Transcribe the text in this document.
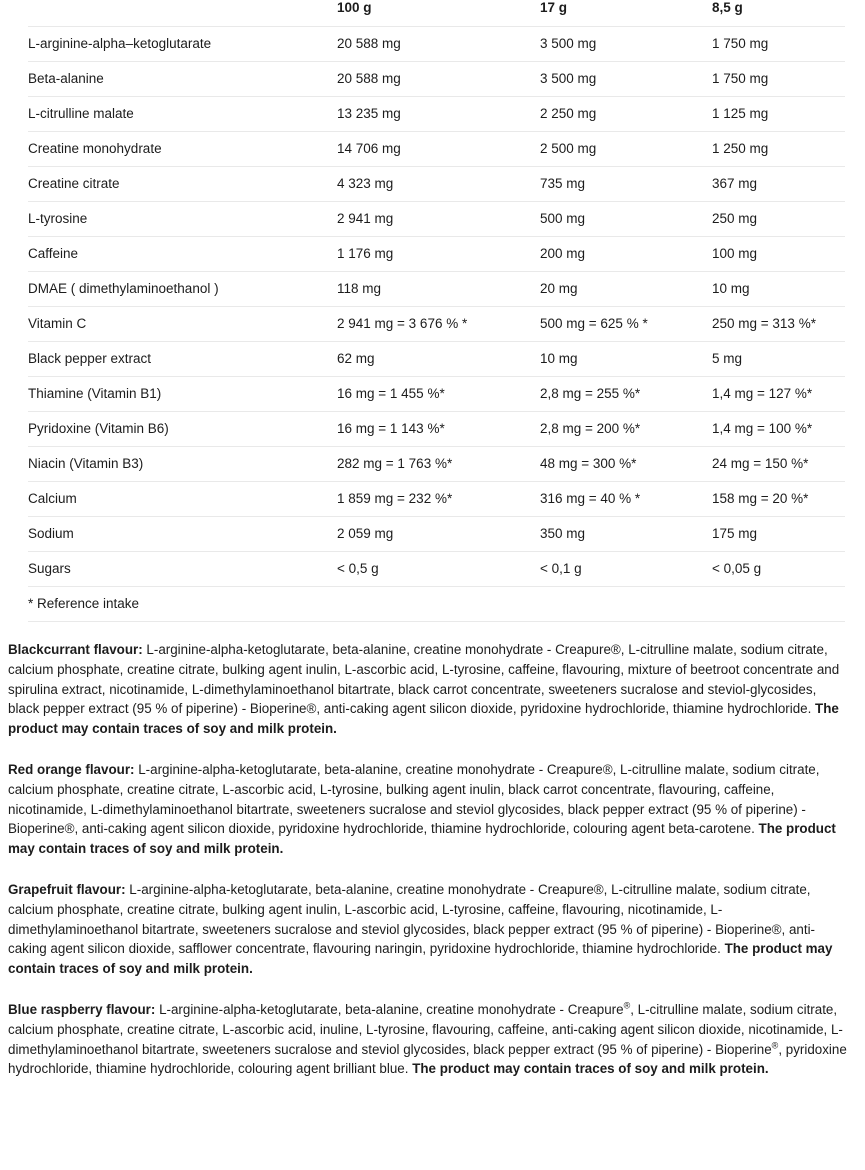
	100 g	17 g	8,5 g
L-arginine-alpha–ketoglutarate	20 588 mg	3 500 mg	1 750 mg
Beta-alanine	20 588 mg	3 500 mg	1 750 mg
L-citrulline malate	13 235 mg	2 250 mg	1 125 mg
Creatine monohydrate	14 706 mg	2 500 mg	1 250 mg
Creatine citrate	4 323 mg	735 mg	367 mg
L-tyrosine	2 941 mg	500 mg	250 mg
Caffeine	1 176 mg	200 mg	100 mg
DMAE ( dimethylaminoethanol )	118 mg	20 mg	10 mg
Vitamin C	2 941 mg = 3 676 % *	500 mg = 625 % *	250 mg = 313 %*
Black pepper extract	62 mg	10 mg	5 mg
Thiamine (Vitamin B1)	16 mg = 1 455 %*	2,8 mg = 255 %*	1,4 mg = 127 %*
Pyridoxine (Vitamin B6)	16 mg = 1 143 %*	2,8 mg = 200 %*	1,4 mg = 100 %*
Niacin (Vitamin B3)	282 mg = 1 763 %*	48 mg = 300 %*	24 mg = 150 %*
Calcium	1 859 mg = 232 %*	316 mg = 40 % *	158 mg = 20 %*
Sodium	2 059 mg	350 mg	175 mg
Sugars	< 0,5 g	< 0,1 g	< 0,05 g
* Reference intake			

Blackcurrant flavour: L-arginine-alpha-ketoglutarate, beta-alanine, creatine monohydrate - Creapure®, L-citrulline malate, sodium citrate, calcium phosphate, creatine citrate, bulking agent inulin, L-ascorbic acid, L-tyrosine, caffeine, flavouring, mixture of beetroot concentrate and spirulina extract, nicotinamide, L-dimethylaminoethanol bitartrate, black carrot concentrate, sweeteners sucralose and steviol-glycosides, black pepper extract (95 % of piperine) - Bioperine®, anti-caking agent silicon dioxide, pyridoxine hydrochloride, thiamine hydrochloride. The product may contain traces of soy and milk protein.

Red orange flavour: L-arginine-alpha-ketoglutarate, beta-alanine, creatine monohydrate - Creapure®, L-citrulline malate, sodium citrate, calcium phosphate, creatine citrate, L-ascorbic acid, L-tyrosine, bulking agent inulin, black carrot concentrate, flavouring, caffeine, nicotinamide, L-dimethylaminoethanol bitartrate, sweeteners sucralose and steviol glycosides, black pepper extract (95 % of piperine) - Bioperine®, anti-caking agent silicon dioxide, pyridoxine hydrochloride, thiamine hydrochloride, colouring agent beta-carotene. The product may contain traces of soy and milk protein.

Grapefruit flavour: L-arginine-alpha-ketoglutarate, beta-alanine, creatine monohydrate - Creapure®, L-citrulline malate, sodium citrate, calcium phosphate, creatine citrate, bulking agent inulin, L-ascorbic acid, L-tyrosine, caffeine, flavouring, nicotinamide, L-dimethylaminoethanol bitartrate, sweeteners sucralose and steviol glycosides, black pepper extract (95 % of piperine) - Bioperine®, anti-caking agent silicon dioxide, safflower concentrate, flavouring naringin, pyridoxine hydrochloride, thiamine hydrochloride. The product may contain traces of soy and milk protein.

Blue raspberry flavour: L-arginine-alpha-ketoglutarate, beta-alanine, creatine monohydrate - Creapure®, L-citrulline malate, sodium citrate, calcium phosphate, creatine citrate, L-ascorbic acid, inuline, L-tyrosine, flavouring, caffeine, anti-caking agent silicon dioxide, nicotinamide, L-dimethylaminoethanol bitartrate, sweeteners sucralose and steviol glycosides, black pepper extract (95 % of piperine) - Bioperine®, pyridoxine hydrochloride, thiamine hydrochloride, colouring agent brilliant blue. The product may contain traces of soy and milk protein.
